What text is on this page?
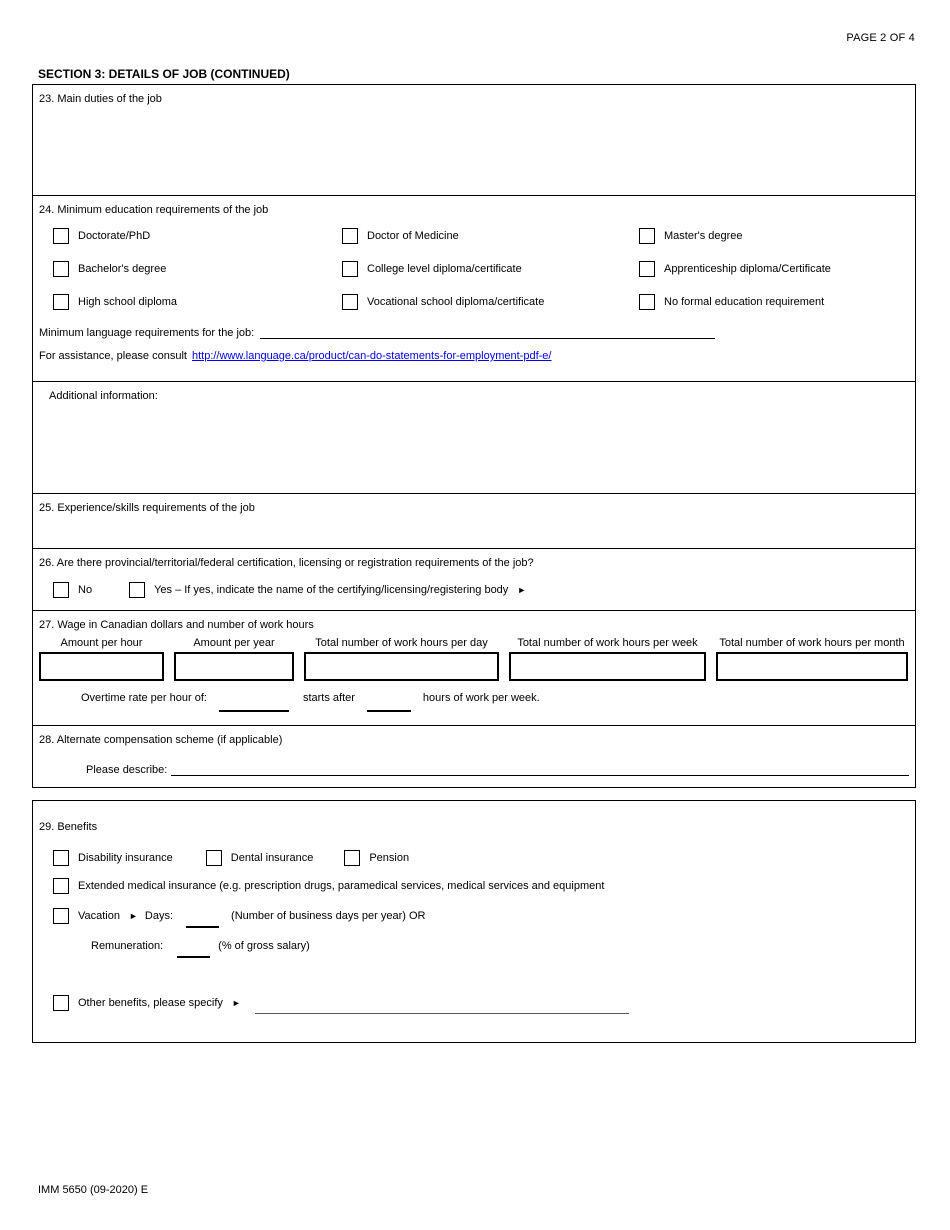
PAGE 2 OF 4
SECTION 3: DETAILS OF JOB (CONTINUED)
23. Main duties of the job
24. Minimum education requirements of the job
Doctorate/PhD	Doctor of Medicine	Master's degree
Bachelor's degree	College level diploma/certificate	Apprenticeship diploma/Certificate
High school diploma	Vocational school diploma/certificate	No formal education requirement
Minimum language requirements for the job:
For assistance, please consult http://www.language.ca/product/can-do-statements-for-employment-pdf-e/
Additional information:
25. Experience/skills requirements of the job
26. Are there provincial/territorial/federal certification, licensing or registration requirements of the job?
No	Yes – If yes, indicate the name of the certifying/licensing/registering body ►
27. Wage in Canadian dollars and number of work hours
Amount per hour	Amount per year	Total number of work hours per day	Total number of work hours per week	Total number of work hours per month
Overtime rate per hour of:	starts after	hours of work per week.
28. Alternate compensation scheme (if applicable)
Please describe:
29. Benefits
Disability insurance	Dental insurance	Pension
Extended medical insurance (e.g. prescription drugs, paramedical services, medical services and equipment
Vacation ► Days:	(Number of business days per year) OR
Remuneration:	(% of gross salary)
Other benefits, please specify ►
IMM 5650 (09-2020) E
